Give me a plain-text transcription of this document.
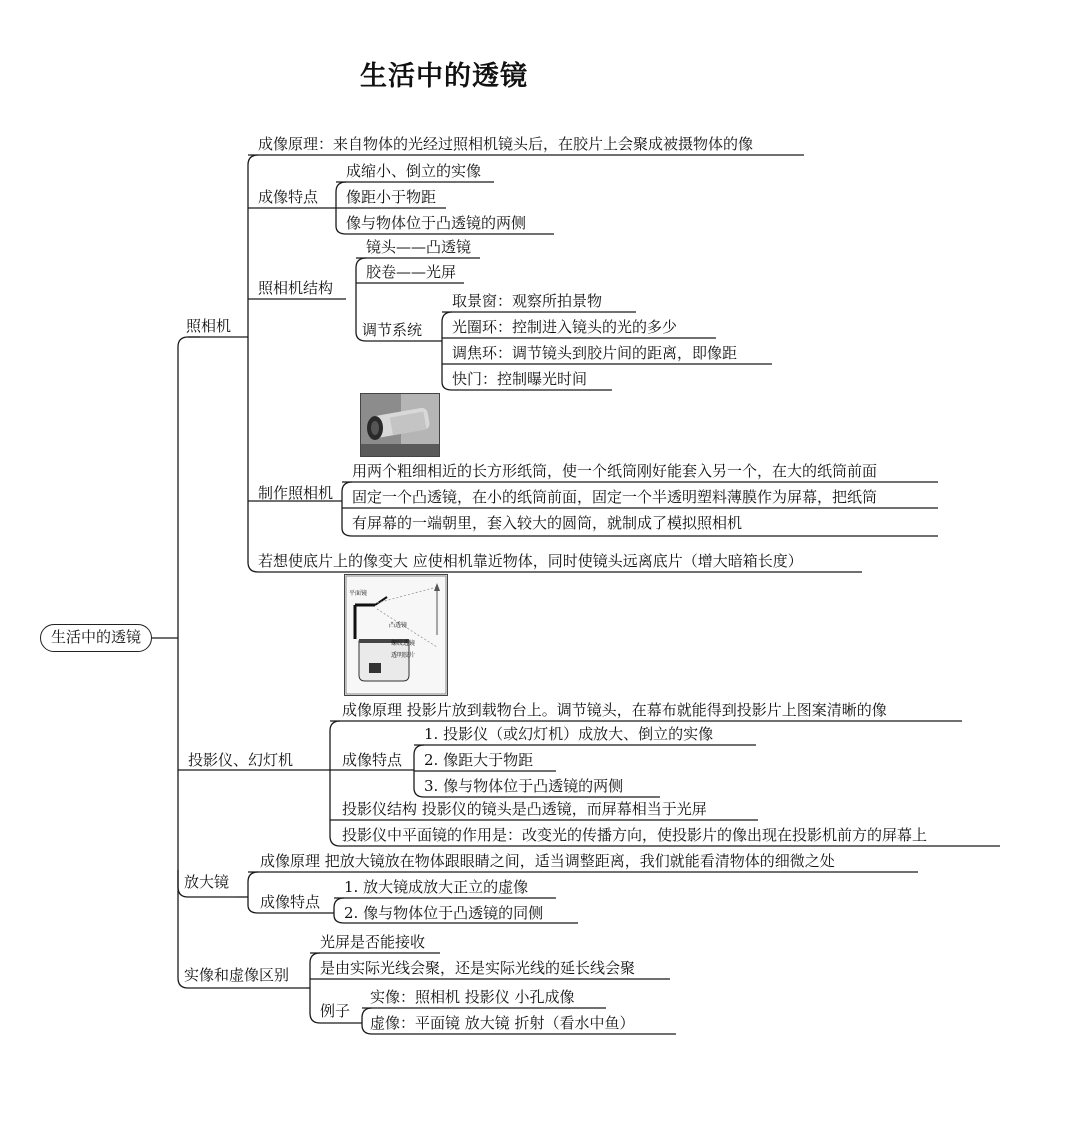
生活中的透镜
生活中的透镜
照相机
成像原理：来自物体的光经过照相机镜头后，在胶片上会聚成被摄物体的像
成像特点
成缩小、倒立的实像
像距小于物距
像与物体位于凸透镜的两侧
照相机结构
镜头——凸透镜
胶卷——光屏
调节系统
取景窗：观察所拍景物
光圈环：控制进入镜头的光的多少
调焦环：调节镜头到胶片间的距离，即像距
快门：控制曝光时间
制作照相机
用两个粗细相近的长方形纸筒，使一个纸筒刚好能套入另一个，在大的纸筒前面
固定一个凸透镜，在小的纸筒前面，固定一个半透明塑料薄膜作为屏幕，把纸筒
有屏幕的一端朝里，套入较大的圆筒，就制成了模拟照相机
若想使底片上的像变大 应使相机靠近物体，同时使镜头远离底片（增大暗箱长度）
平面镜
凸透镜
螺纹透镜
透明胶片
投影仪、幻灯机
成像原理 投影片放到载物台上。调节镜头，在幕布就能得到投影片上图案清晰的像
成像特点
1. 投影仪（或幻灯机）成放大、倒立的实像
2. 像距大于物距
3. 像与物体位于凸透镜的两侧
投影仪结构 投影仪的镜头是凸透镜，而屏幕相当于光屏
投影仪中平面镜的作用是：改变光的传播方向，使投影片的像出现在投影机前方的屏幕上
放大镜
成像原理 把放大镜放在物体跟眼睛之间，适当调整距离，我们就能看清物体的细微之处
成像特点
1. 放大镜成放大正立的虚像
2. 像与物体位于凸透镜的同侧
实像和虚像区别
光屏是否能接收
是由实际光线会聚，还是实际光线的延长线会聚
例子
实像：照相机 投影仪 小孔成像
虚像：平面镜 放大镜 折射（看水中鱼）
